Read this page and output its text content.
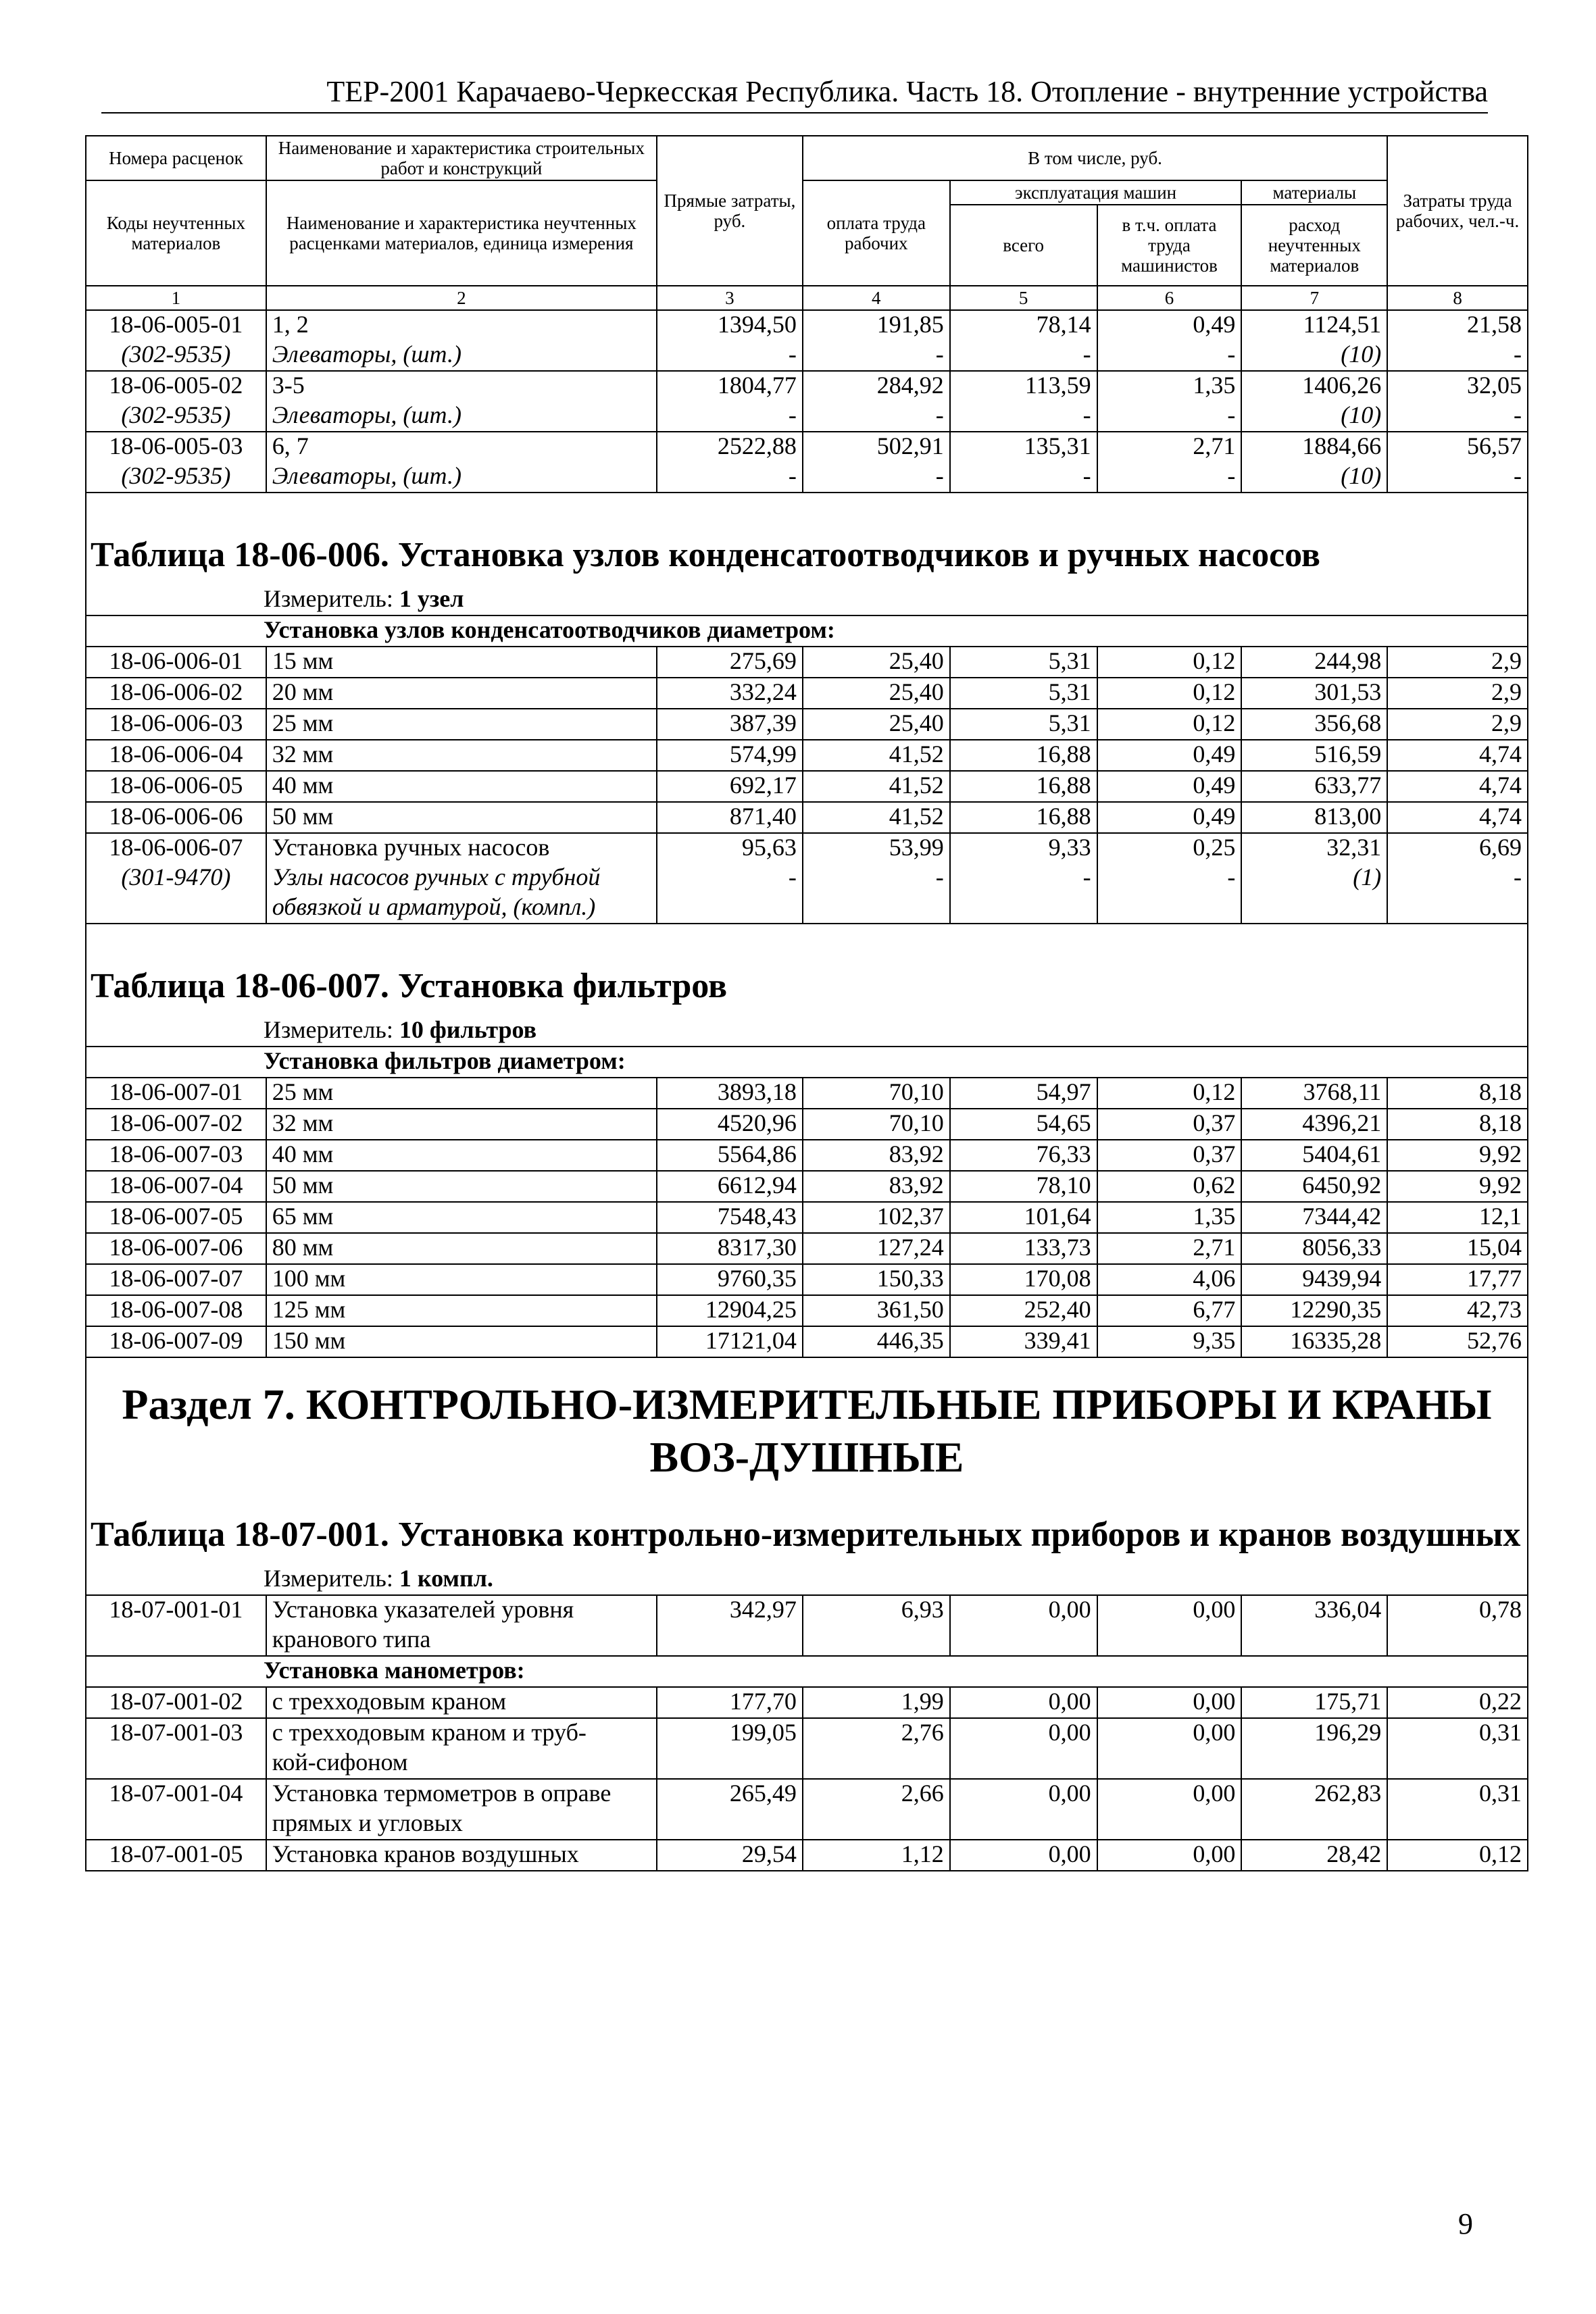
ТЕР-2001 Карачаево-Черкесская Республика. Часть 18. Отопление - внутренние устройства
Номера расценок	Наименование и характеристика строительных работ и конструкций	Прямые затраты, руб.	В том числе, руб.				Затраты труда рабочих, чел.-ч.
Коды неучтенных материалов	Наименование и характеристика неучтенных расценками материалов, единица измерения		оплата труда рабочих	эксплуатация машин		материалы	
				всего	в т.ч. оплата труда машинистов	расход неучтенных материалов	
1	2	3	4	5	6	7	8
18-06-005-01	1, 2	1394,50	191,85	78,14	0,49	1124,51	21,58
(302-9535)	Элеваторы, (шт.)	-	-	-	-	(10)	-
18-06-005-02	3-5	1804,77	284,92	113,59	1,35	1406,26	32,05
(302-9535)	Элеваторы, (шт.)	-	-	-	-	(10)	-
18-06-005-03	6, 7	2522,88	502,91	135,31	2,71	1884,66	56,57
(302-9535)	Элеваторы, (шт.)	-	-	-	-	(10)	-

Таблица 18-06-006. Установка узлов конденсатоотводчиков и ручных насосов							
Измеритель: 1 узел							
Установка узлов конденсатоотводчиков диаметром:							
18-06-006-01	15 мм	275,69	25,40	5,31	0,12	244,98	2,9
18-06-006-02	20 мм	332,24	25,40	5,31	0,12	301,53	2,9
18-06-006-03	25 мм	387,39	25,40	5,31	0,12	356,68	2,9
18-06-006-04	32 мм	574,99	41,52	16,88	0,49	516,59	4,74
18-06-006-05	40 мм	692,17	41,52	16,88	0,49	633,77	4,74
18-06-006-06	50 мм	871,40	41,52	16,88	0,49	813,00	4,74
18-06-006-07	Установка ручных насосов	95,63	53,99	9,33	0,25	32,31	6,69
(301-9470)	Узлы насосов ручных с трубной	-	-	-	-	(1)	-
	обвязкой и арматурой, (компл.)						

Таблица 18-06-007. Установка фильтров							
Измеритель: 10 фильтров							
Установка фильтров диаметром:							
18-06-007-01	25 мм	3893,18	70,10	54,97	0,12	3768,11	8,18
18-06-007-02	32 мм	4520,96	70,10	54,65	0,37	4396,21	8,18
18-06-007-03	40 мм	5564,86	83,92	76,33	0,37	5404,61	9,92
18-06-007-04	50 мм	6612,94	83,92	78,10	0,62	6450,92	9,92
18-06-007-05	65 мм	7548,43	102,37	101,64	1,35	7344,42	12,1
18-06-007-06	80 мм	8317,30	127,24	133,73	2,71	8056,33	15,04
18-06-007-07	100 мм	9760,35	150,33	170,08	4,06	9439,94	17,77
18-06-007-08	125 мм	12904,25	361,50	252,40	6,77	12290,35	42,73
18-06-007-09	150 мм	17121,04	446,35	339,41	9,35	16335,28	52,76
Раздел 7. КОНТРОЛЬНО-ИЗМЕРИТЕЛЬНЫЕ ПРИБОРЫ И КРАНЫ ВОЗ-ДУШНЫЕ							
Таблица 18-07-001. Установка контрольно-измерительных приборов и кранов воздушных							
Измеритель: 1 компл.							
18-07-001-01	Установка указателей уровня	342,97	6,93	0,00	0,00	336,04	0,78
	кранового типа						
Установка манометров:							
18-07-001-02	с трехходовым краном	177,70	1,99	0,00	0,00	175,71	0,22
18-07-001-03	с трехходовым краном и труб-	199,05	2,76	0,00	0,00	196,29	0,31
	кой-сифоном						
18-07-001-04	Установка термометров в оправе	265,49	2,66	0,00	0,00	262,83	0,31
	прямых и угловых						
18-07-001-05	Установка кранов воздушных	29,54	1,12	0,00	0,00	28,42	0,12
9
